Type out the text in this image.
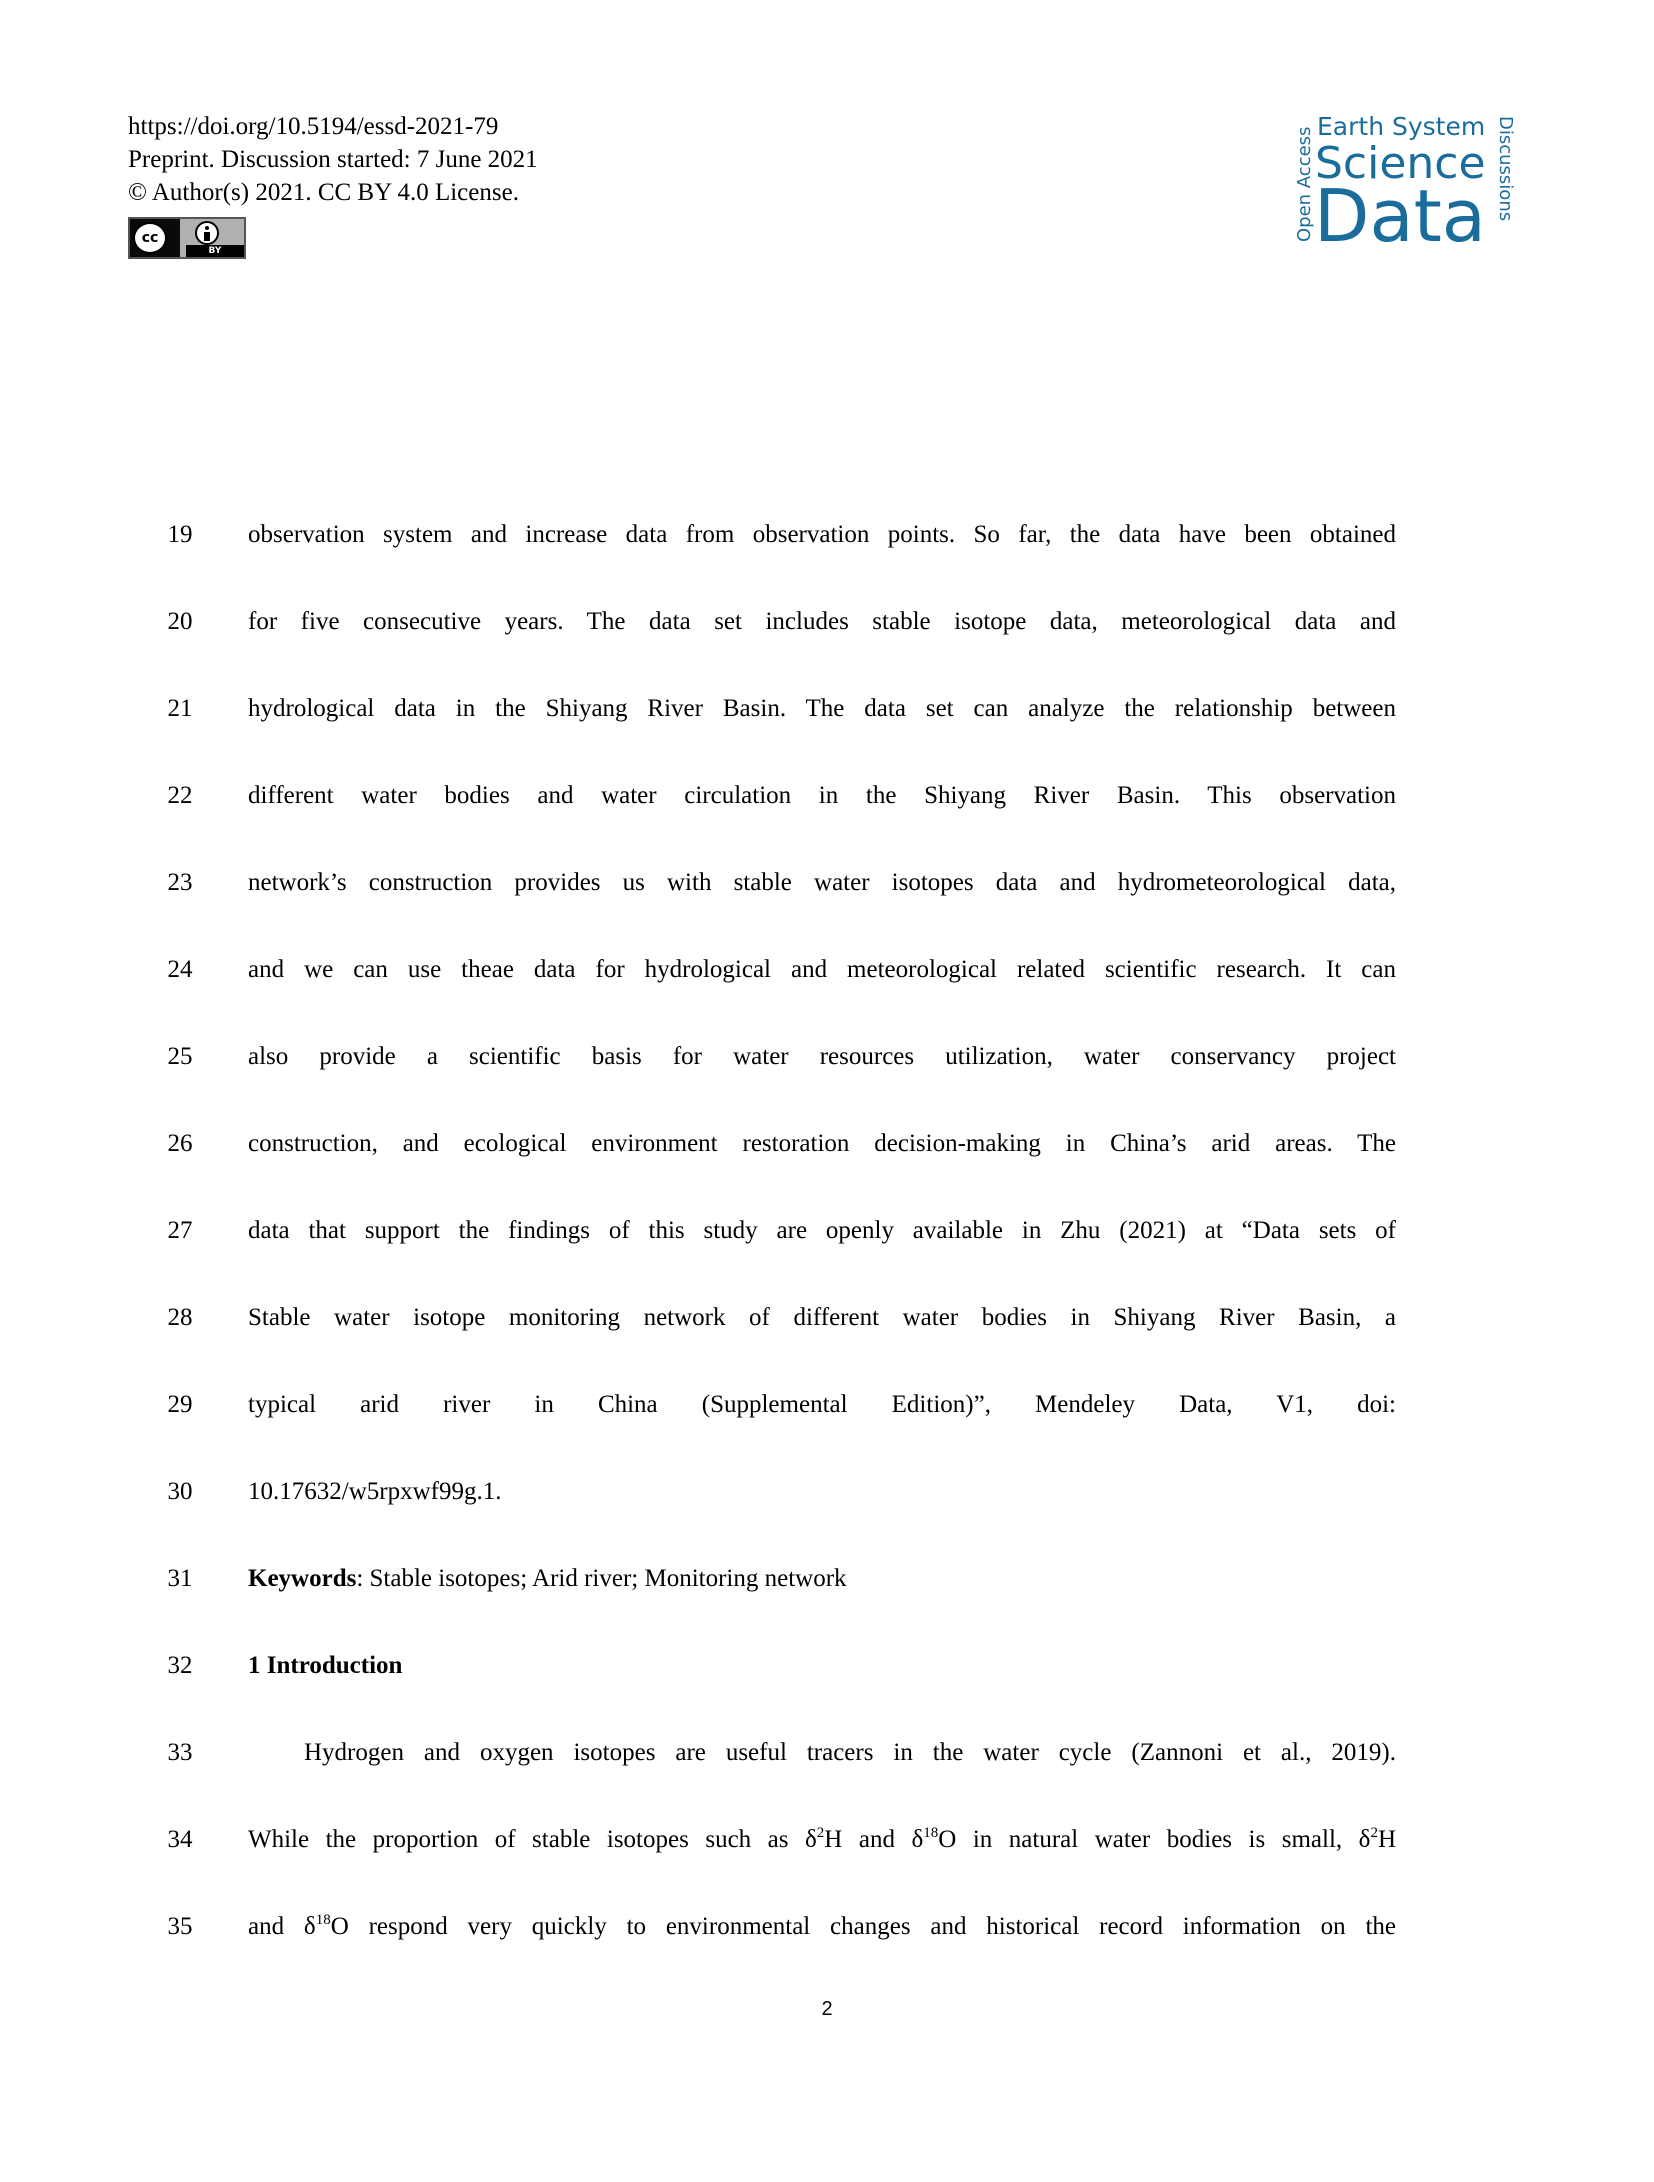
https://doi.org/10.5194/essd-2021-79
Preprint. Discussion started: 7 June 2021
© Author(s) 2021. CC BY 4.0 License.
cc
BY
Open Access
Earth System
Science
Data Discussions
19	observation system and increase data from observation points. So far, the data have been obtained
20	for five consecutive years. The data set includes stable isotope data, meteorological data and
21	hydrological data in the Shiyang River Basin. The data set can analyze the relationship between
22	different water bodies and water circulation in the Shiyang River Basin. This observation
23	network’s construction provides us with stable water isotopes data and hydrometeorological data,
24	and we can use theae data for hydrological and meteorological related scientific research. It can
25	also provide a scientific basis for water resources utilization, water conservancy project
26	construction, and ecological environment restoration decision-making in China’s arid areas. The
27	data that support the findings of this study are openly available in Zhu (2021) at “Data sets of
28	Stable water isotope monitoring network of different water bodies in Shiyang River Basin, a
29	typical arid river in China (Supplemental Edition)”, Mendeley Data, V1, doi:
30	10.17632/w5rpxwf99g.1.
31	Keywords: Stable isotopes; Arid river; Monitoring network
32	1 Introduction
33	Hydrogen and oxygen isotopes are useful tracers in the water cycle (Zannoni et al., 2019).
34	While the proportion of stable isotopes such as $\delta^2H$ and $\delta^{18}O$ in natural water bodies is small, $\delta^2H$
35	and $\delta^{18}O$ respond very quickly to environmental changes and historical record information on the
2
